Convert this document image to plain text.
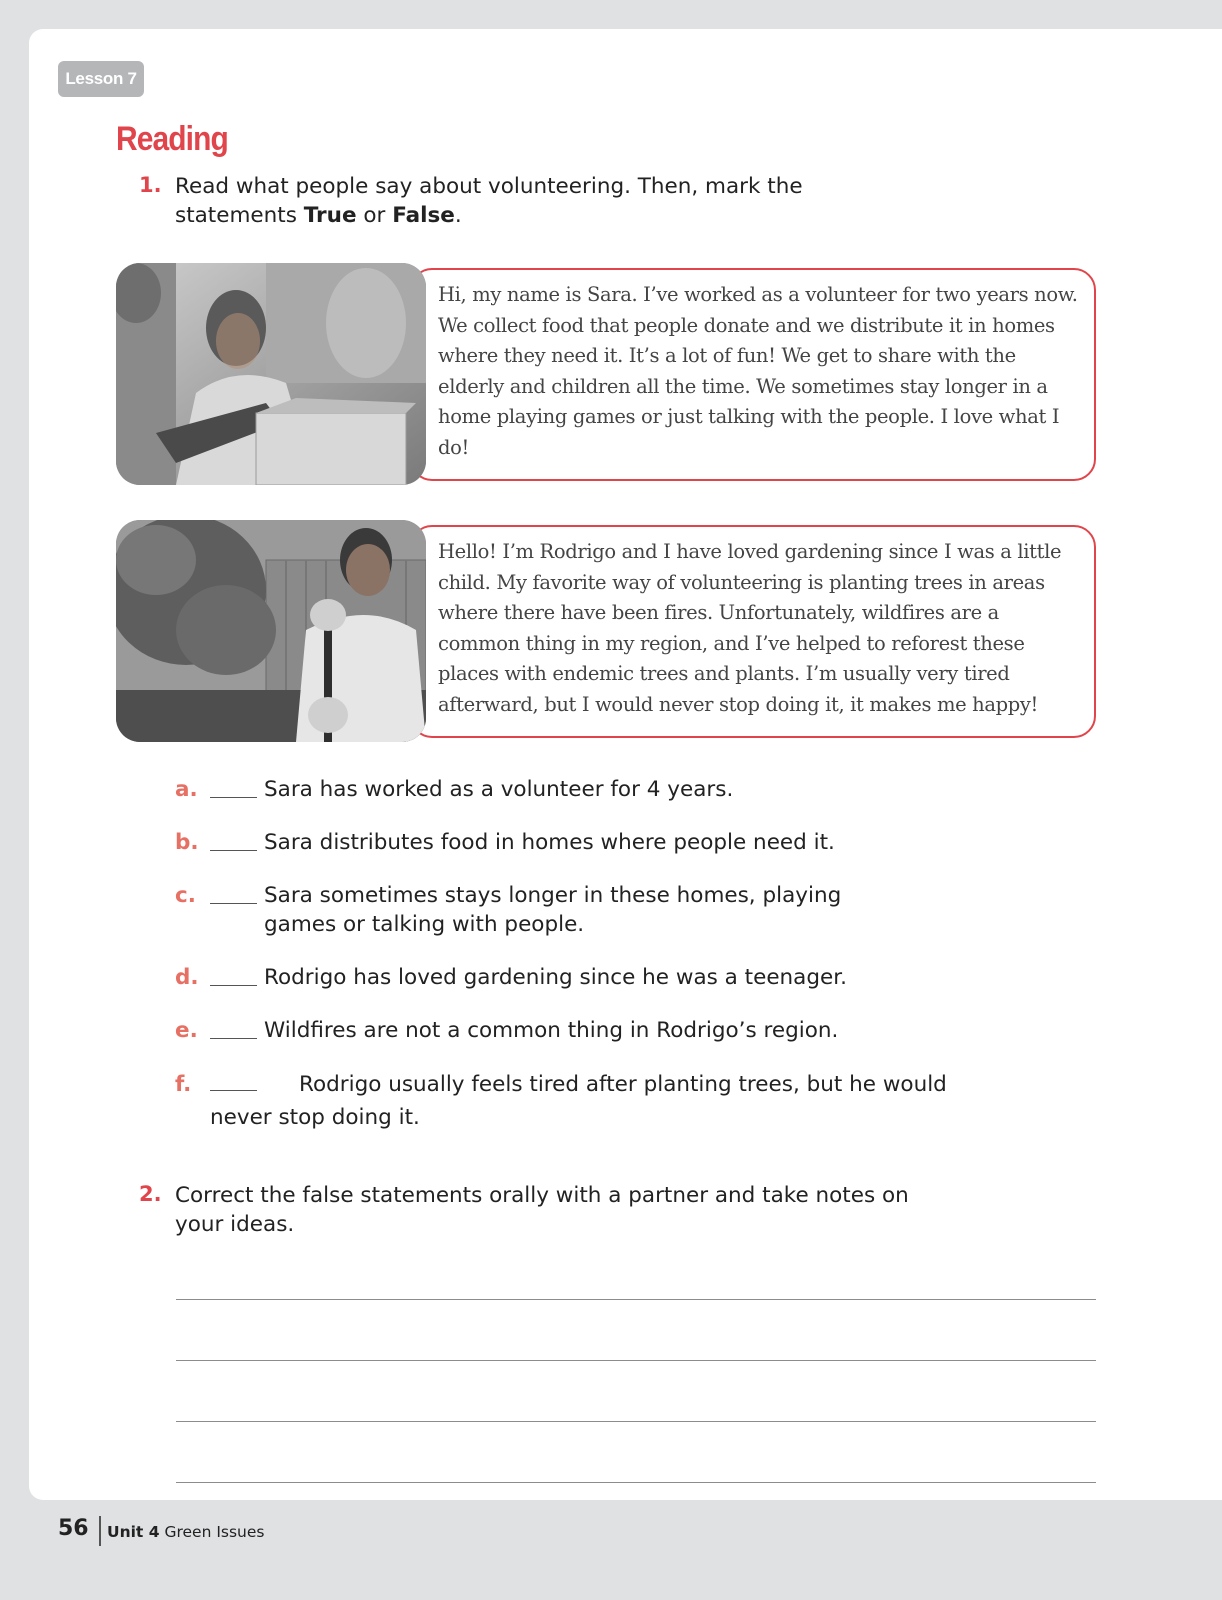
Lesson 7
Reading
1. Read what people say about volunteering. Then, mark the statements True or False.
Hi, my name is Sara. I’ve worked as a volunteer for two years now. We collect food that people donate and we distribute it in homes where they need it. It’s a lot of fun! We get to share with the elderly and children all the time. We sometimes stay longer in a home playing games or just talking with the people. I love what I do!
Hello! I’m Rodrigo and I have loved gardening since I was a little child. My favorite way of volunteering is planting trees in areas where there have been fires. Unfortunately, wildfires are a common thing in my region, and I’ve helped to reforest these places with endemic trees and plants. I’m usually very tired afterward, but I would never stop doing it, it makes me happy!
a.	Sara has worked as a volunteer for 4 years.
b.	Sara distributes food in homes where people need it.
c.	Sara sometimes stays longer in these homes, playing games or talking with people.
d.	Rodrigo has loved gardening since he was a teenager.
e.	Wildfires are not a common thing in Rodrigo’s region.
f.	Rodrigo usually feels tired after planting trees, but he would never stop doing it.
2. Correct the false statements orally with a partner and take notes on your ideas.
56 Unit 4 Green Issues
